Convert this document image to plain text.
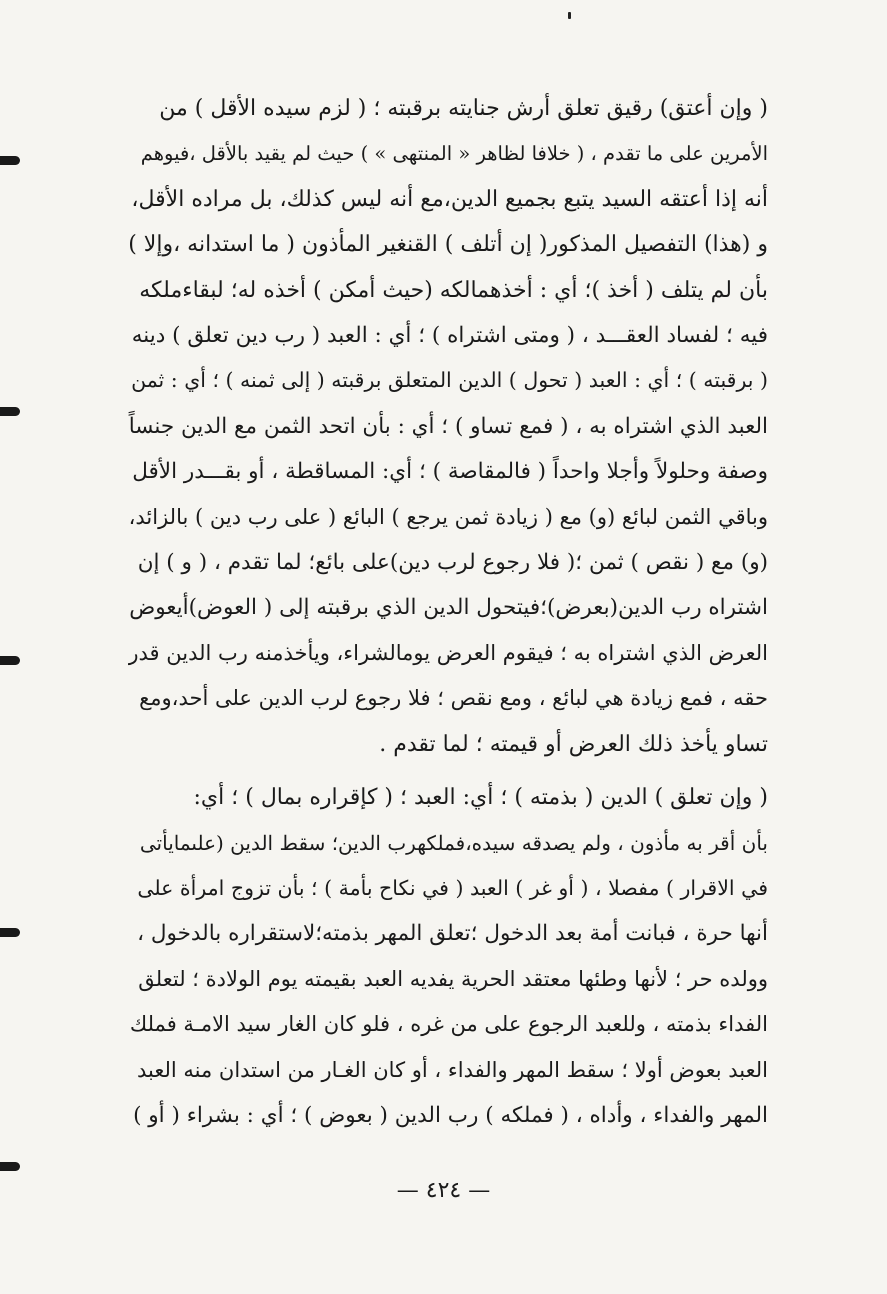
( وإن أعتق) رقيق تعلق أرش جنايته برقبته ؛ ( لزم سيده الأقل ) من
الأمرين على ما تقدم ، ( خلافا لظاهر « المنتهى » ) حيث لم يقيد بالأقل ،فيوهم
أنه إذا أعتقه السيد يتبع بجميع الدين،مع أنه ليس كذلك، بل مراده الأقل،
و (هذا) التفصيل المذكور( إن أتلف ) القنغير المأذون ( ما استدانه ،وإلا )
بأن لم يتلف ( أخذ )؛ أي : أخذهمالكه (حيث أمكن ) أخذه له؛ لبقاءملكه
فيه ؛ لفساد العقـــد ، ( ومتى اشتراه ) ؛ أي : العبد ( رب دين تعلق ) دينه
( برقبته ) ؛ أي : العبد ( تحول ) الدين المتعلق برقبته ( إلى ثمنه ) ؛ أي : ثمن
العبد الذي اشتراه به ، ( فمع تساو ) ؛ أي : بأن اتحد الثمن مع الدين جنساً
وصفة وحلولاً وأجلا واحداً ( فالمقاصة ) ؛ أي: المساقطة ، أو بقـــدر الأقل
وباقي الثمن لبائع (و) مع ( زيادة ثمن يرجع ) البائع ( على رب دين ) بالزائد،
(و) مع ( نقص ) ثمن ؛( فلا رجوع لرب دين)على بائع؛ لما تقدم ، ( و ) إن
اشتراه رب الدين(بعرض)؛فيتحول الدين الذي برقبته إلى ( العوض)أيعوض
العرض الذي اشتراه به ؛ فيقوم العرض يومالشراء، ويأخذمنه رب الدين قدر
حقه ، فمع زيادة هي لبائع ، ومع نقص ؛ فلا رجوع لرب الدين على أحد،ومع
تساو يأخذ ذلك العرض أو قيمته ؛ لما تقدم .
( وإن تعلق ) الدين ( بذمته ) ؛ أي: العبد ؛ ( كإقراره بمال ) ؛ أي:
بأن أقر به مأذون ، ولم يصدقه سيده،فملكهرب الدين؛ سقط الدين (علىمايأتى
في الاقرار ) مفصلا ، ( أو غر ) العبد ( في نكاح بأمة ) ؛ بأن تزوج امرأة على
أنها حرة ، فبانت أمة بعد الدخول ؛تعلق المهر بذمته؛لاستقراره بالدخول ،
وولده حر ؛ لأنها وطئها معتقد الحرية يفديه العبد بقيمته يوم الولادة ؛ لتعلق
الفداء بذمته ، وللعبد الرجوع على من غره ، فلو كان الغار سيد الامـة فملك
العبد بعوض أولا ؛ سقط المهر والفداء ، أو كان الغـار من استدان منه العبد
المهر والفداء ، وأداه ، ( فملكه ) رب الدين ( بعوض ) ؛ أي : بشراء ( أو )
— ٤٢٤ —
